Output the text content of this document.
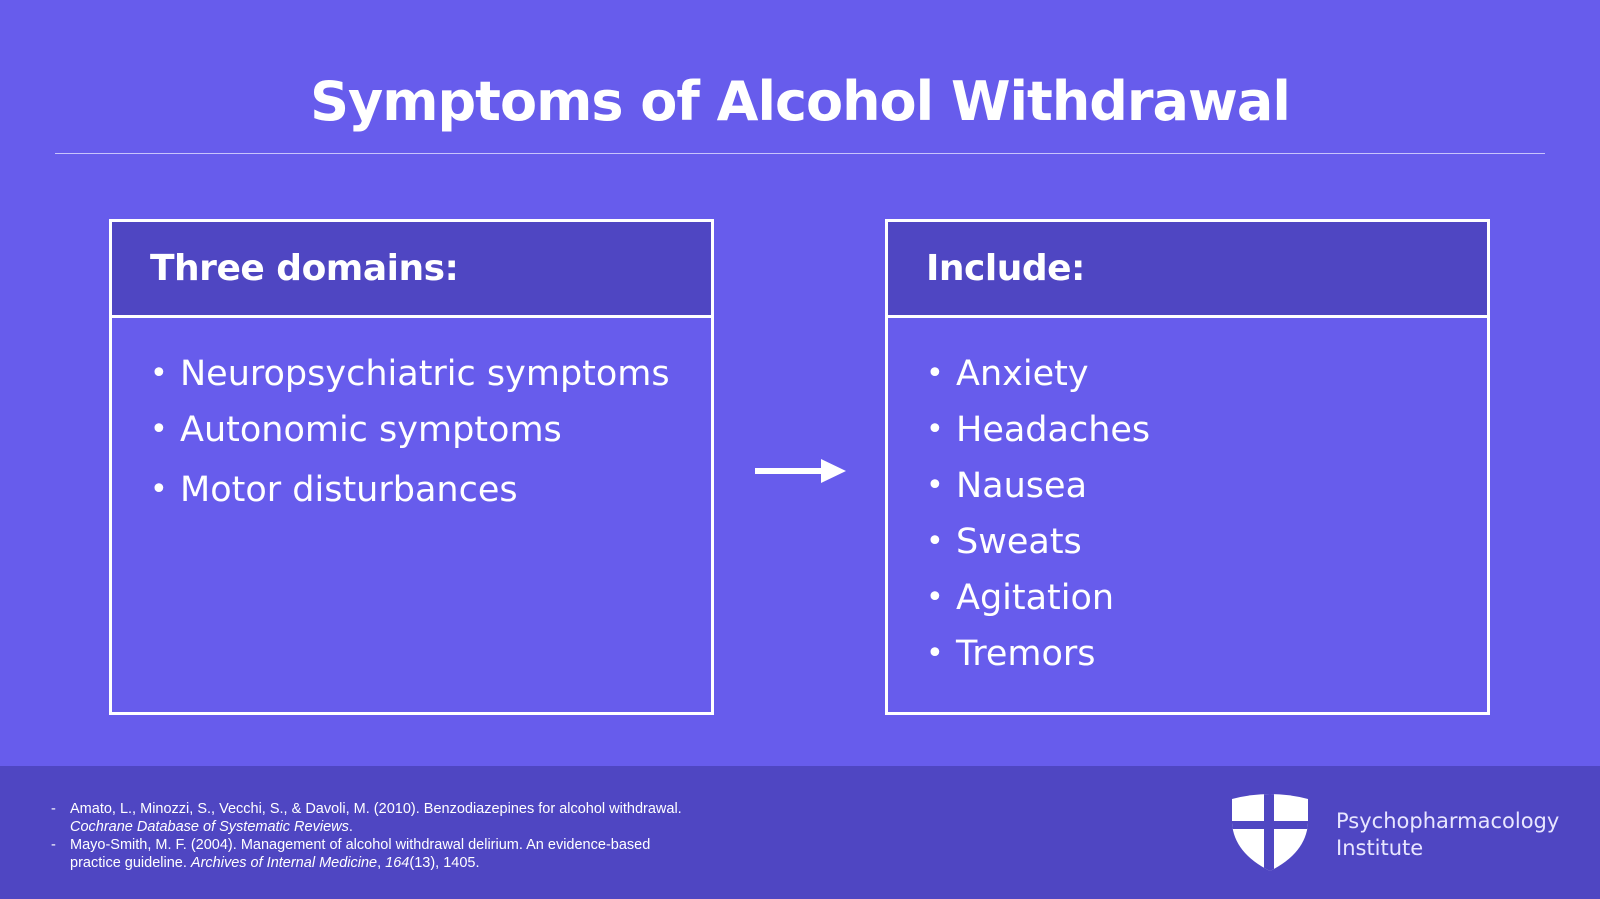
Symptoms of Alcohol Withdrawal
Three domains:
• Neuropsychiatric symptoms
• Autonomic symptoms
• Motor disturbances
Include:
• Anxiety
• Headaches
• Nausea
• Sweats
• Agitation
• Tremors
- Amato, L., Minozzi, S., Vecchi, S., & Davoli, M. (2010). Benzodiazepines for alcohol withdrawal. Cochrane Database of Systematic Reviews.
- Mayo-Smith, M. F. (2004). Management of alcohol withdrawal delirium. An evidence-based practice guideline. Archives of Internal Medicine, 164(13), 1405.
Psychopharmacology
Institute
